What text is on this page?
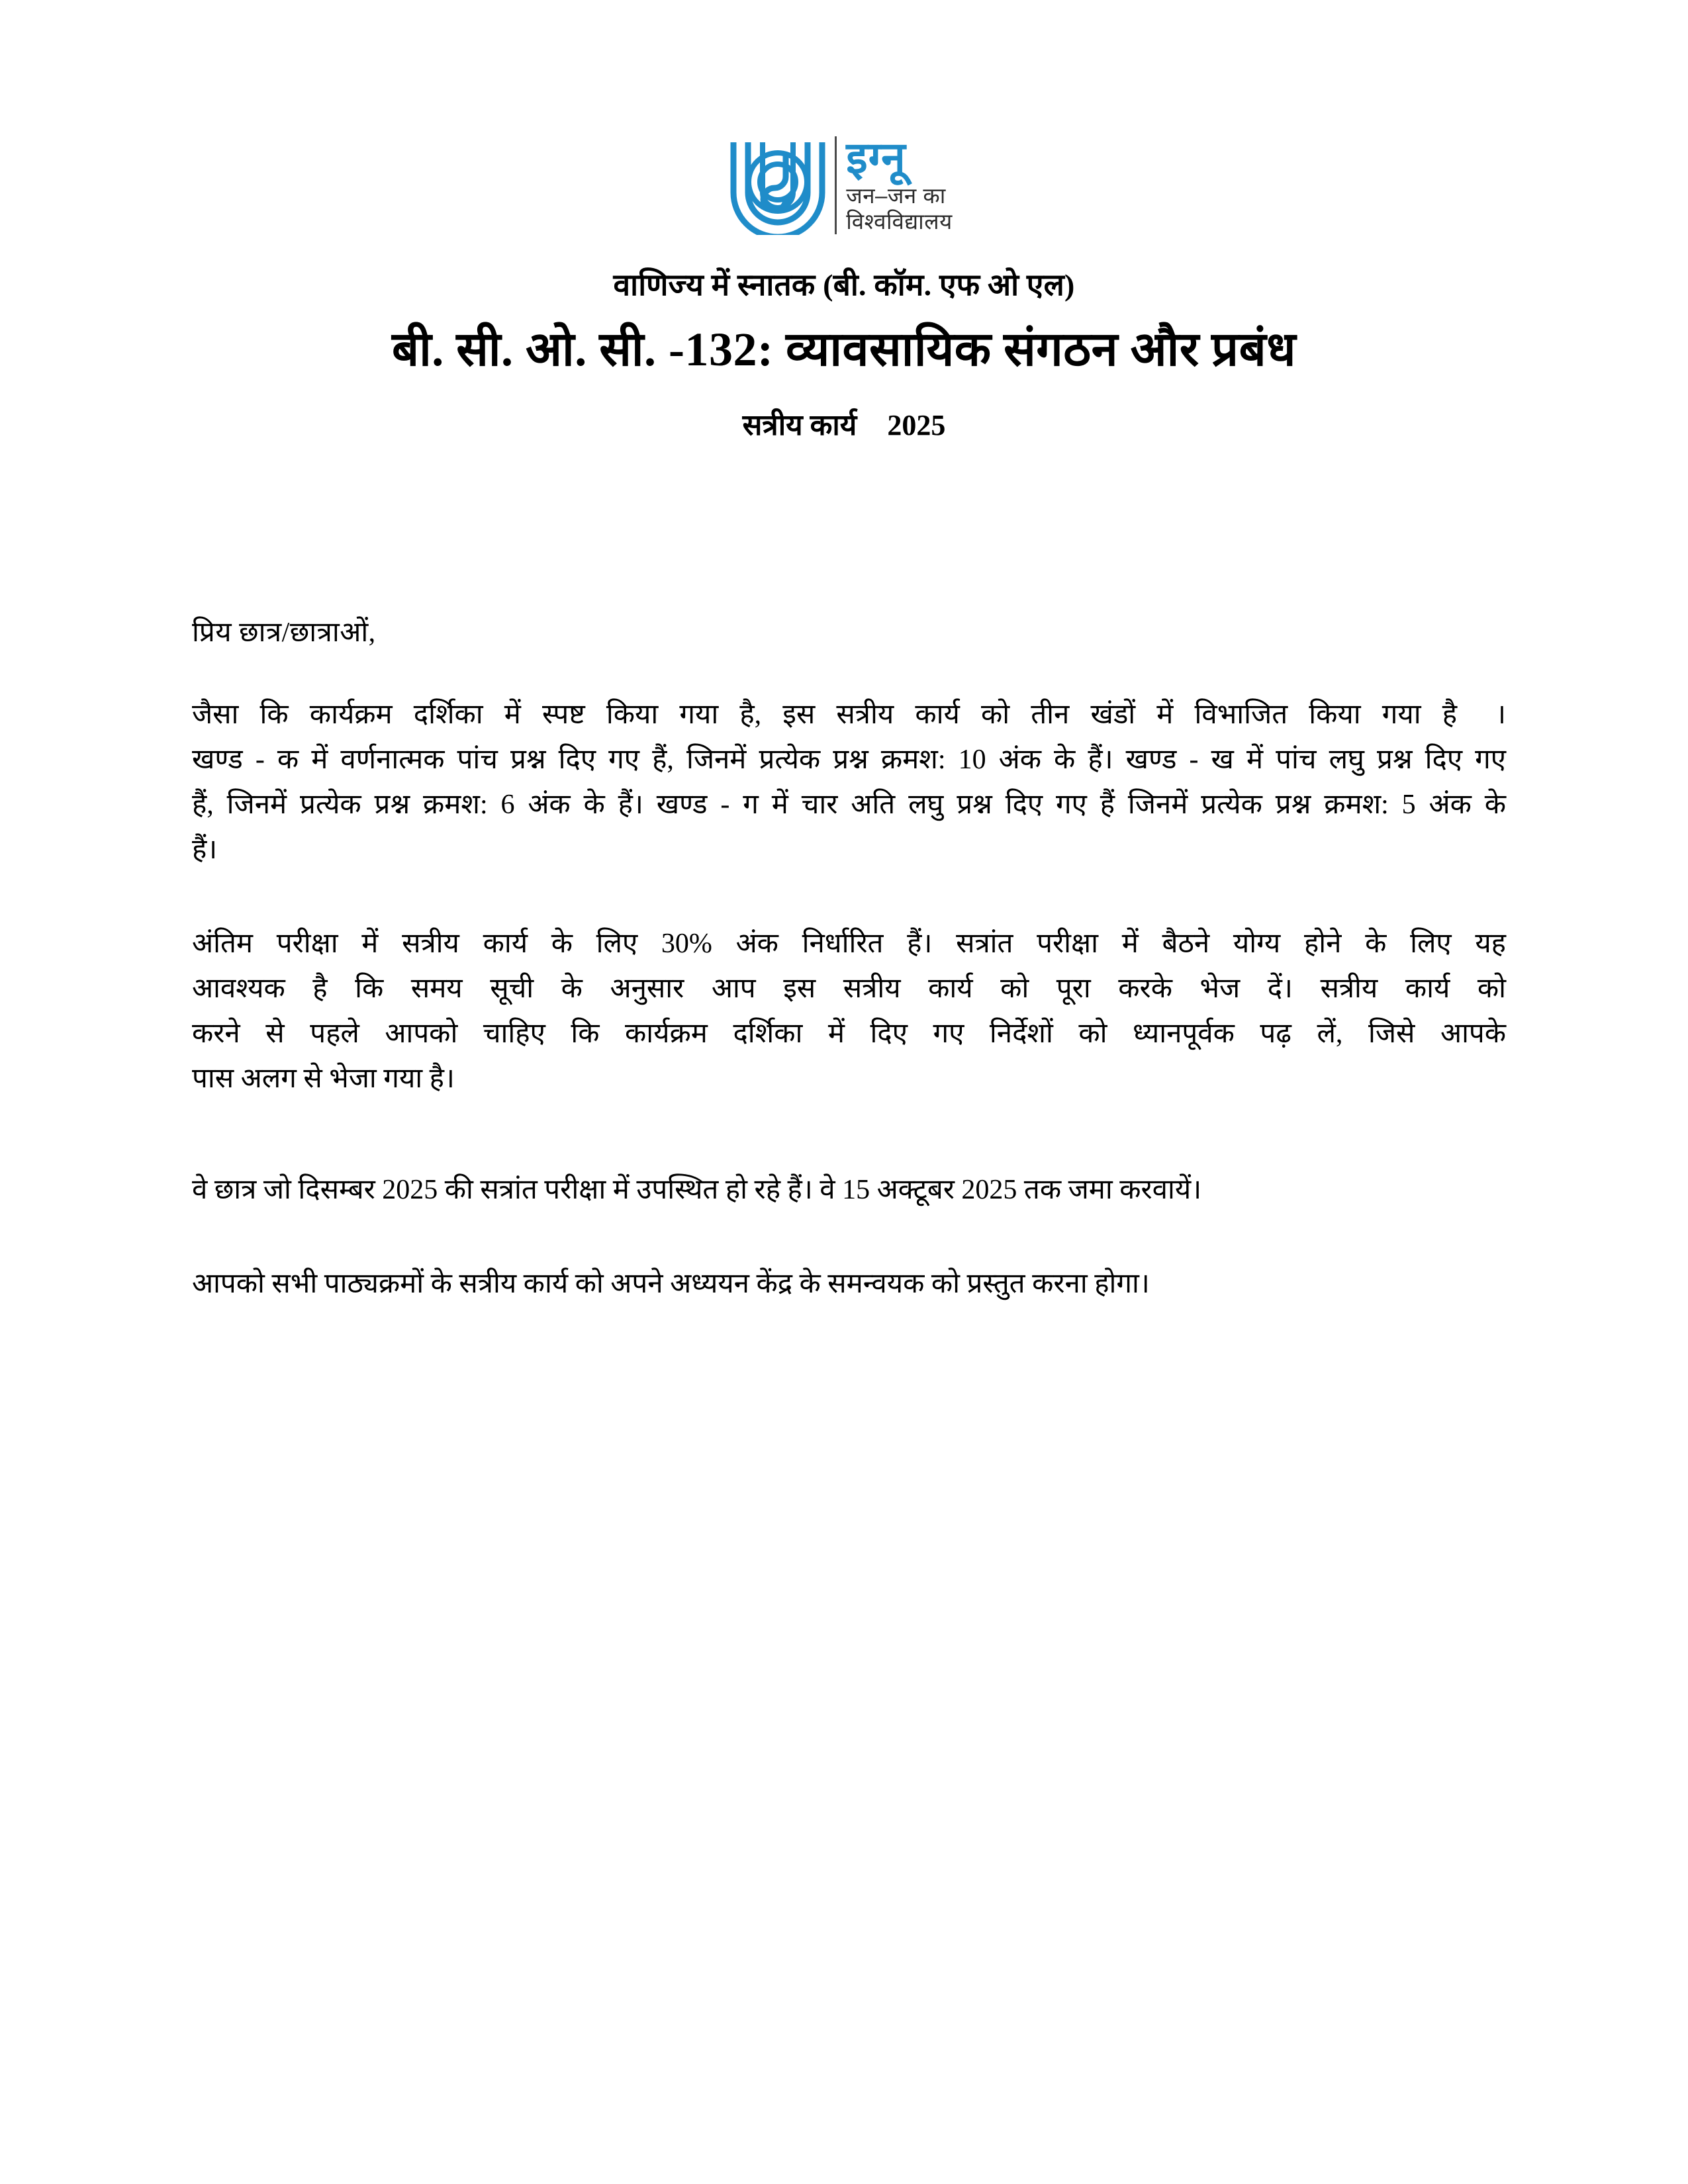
इग्नू
जन–जन का
विश्वविद्यालय
वाणिज्य में स्नातक (बी. कॉम. एफ ओ एल)
बी. सी. ओ. सी. -132: व्यावसायिक संगठन और प्रबंध
सत्रीय कार्य 2025
प्रिय छात्र/छात्राओं,
जैसा कि कार्यक्रम दर्शिका में स्पष्ट किया गया है, इस सत्रीय कार्य को तीन खंडों में विभाजित किया गया है ।
खण्ड - क में वर्णनात्मक पांच प्रश्न दिए गए हैं, जिनमें प्रत्येक प्रश्न क्रमश: 10 अंक के हैं। खण्ड - ख में पांच लघु प्रश्न दिए गए
हैं, जिनमें प्रत्येक प्रश्न क्रमश: 6 अंक के हैं। खण्ड - ग में चार अति लघु प्रश्न दिए गए हैं जिनमें प्रत्येक प्रश्न क्रमश: 5 अंक के
हैं।
अंतिम परीक्षा में सत्रीय कार्य के लिए 30% अंक निर्धारित हैं। सत्रांत परीक्षा में बैठने योग्य होने के लिए यह
आवश्यक है कि समय सूची के अनुसार आप इस सत्रीय कार्य को पूरा करके भेज दें। सत्रीय कार्य को
करने से पहले आपको चाहिए कि कार्यक्रम दर्शिका में दिए गए निर्देशों को ध्यानपूर्वक पढ़ लें, जिसे आपके
पास अलग से भेजा गया है।
वे छात्र जो दिसम्बर 2025 की सत्रांत परीक्षा में उपस्थित हो रहे हैं। वे 15 अक्टूबर 2025 तक जमा करवायें।
आपको सभी पाठ्यक्रमों के सत्रीय कार्य को अपने अध्ययन केंद्र के समन्वयक को प्रस्तुत करना होगा।
